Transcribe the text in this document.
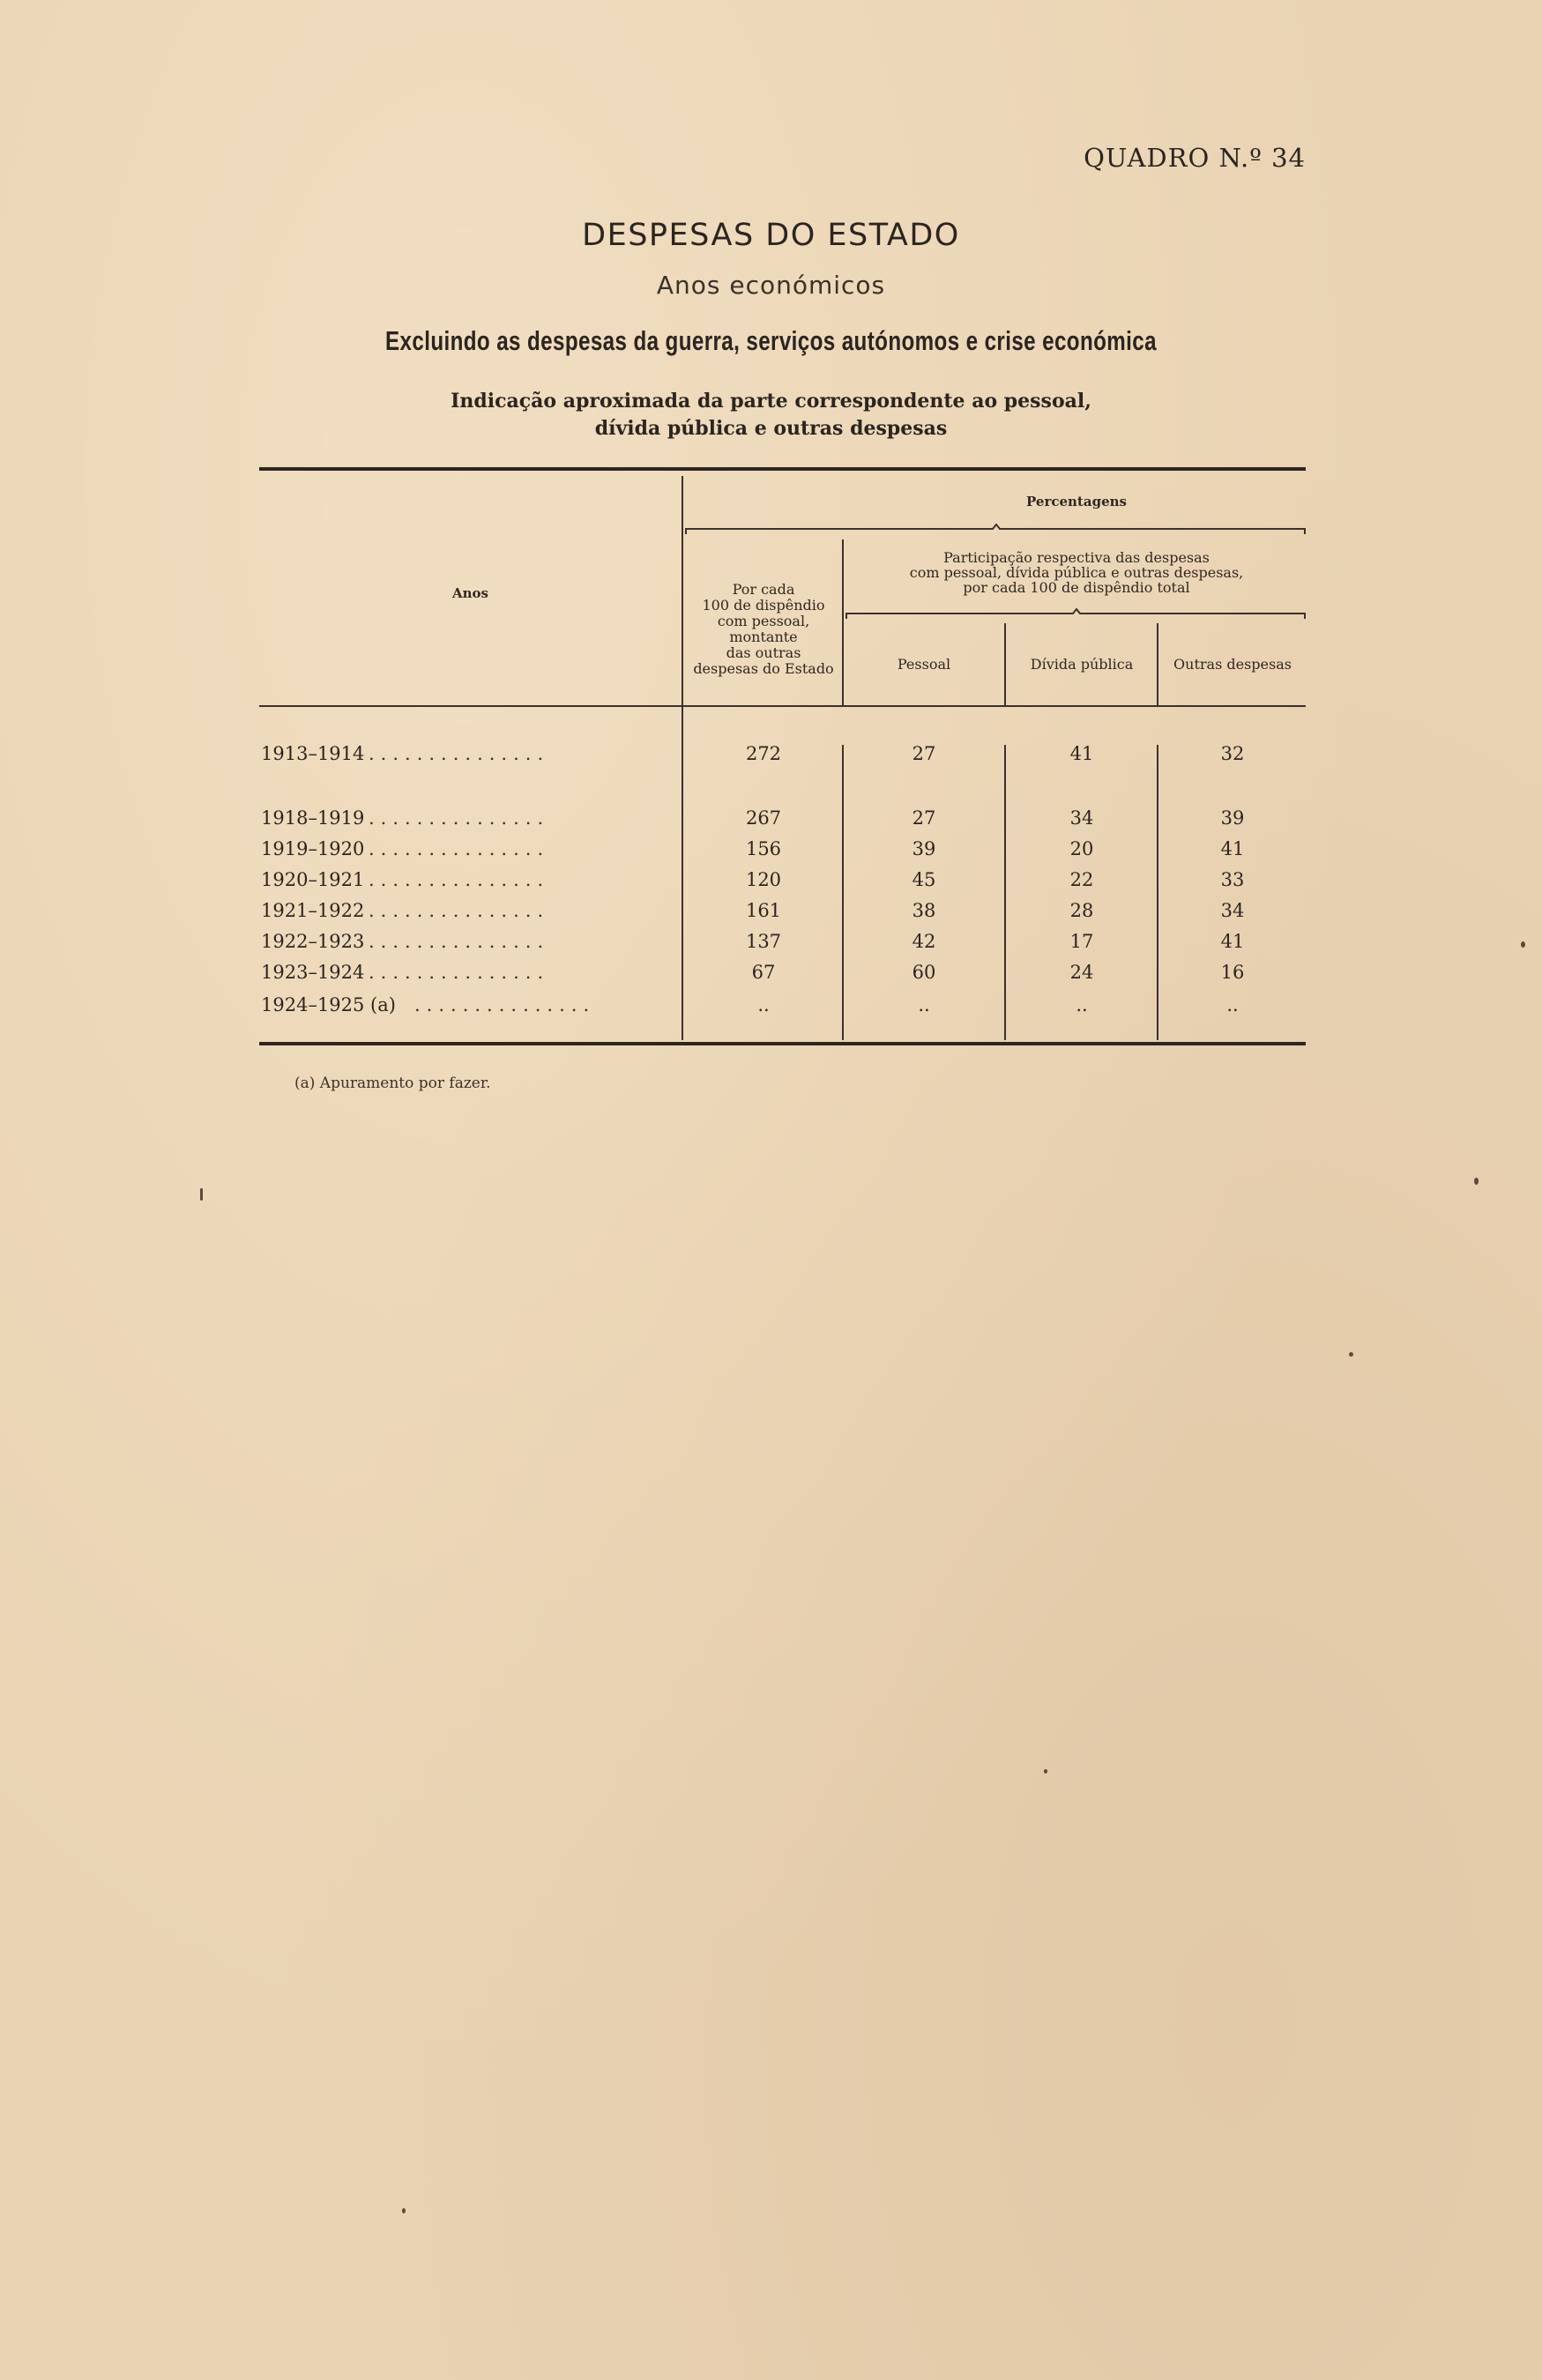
QUADRO N.º 34
DESPESAS DO ESTADO
Anos económicos
Excluindo as despesas da guerra, serviços autónomos e crise económica
Indicação aproximada da parte correspondente ao pessoal,
dívida pública e outras despesas
Anos
Percentagens
Por cada
100 de dispêndio
com pessoal,
montante
das outras
despesas do Estado
Participação respectiva das despesas
com pessoal, dívida pública e outras despesas,
por cada 100 de dispêndio total
Pessoal	Dívida pública	Outras despesas
1913–1914 ...............	272	27	41	32
1918–1919 ...............	267	27	34	39
1919–1920 ...............	156	39	20	41
1920–1921 ...............	120	45	22	33
1921–1922 ...............	161	38	28	34
1922–1923 ...............	137	42	17	41
1923–1924 ...............	67	60	24	16
1924–1925 (a) ...............	..	..	..	..
(a) Apuramento por fazer.
